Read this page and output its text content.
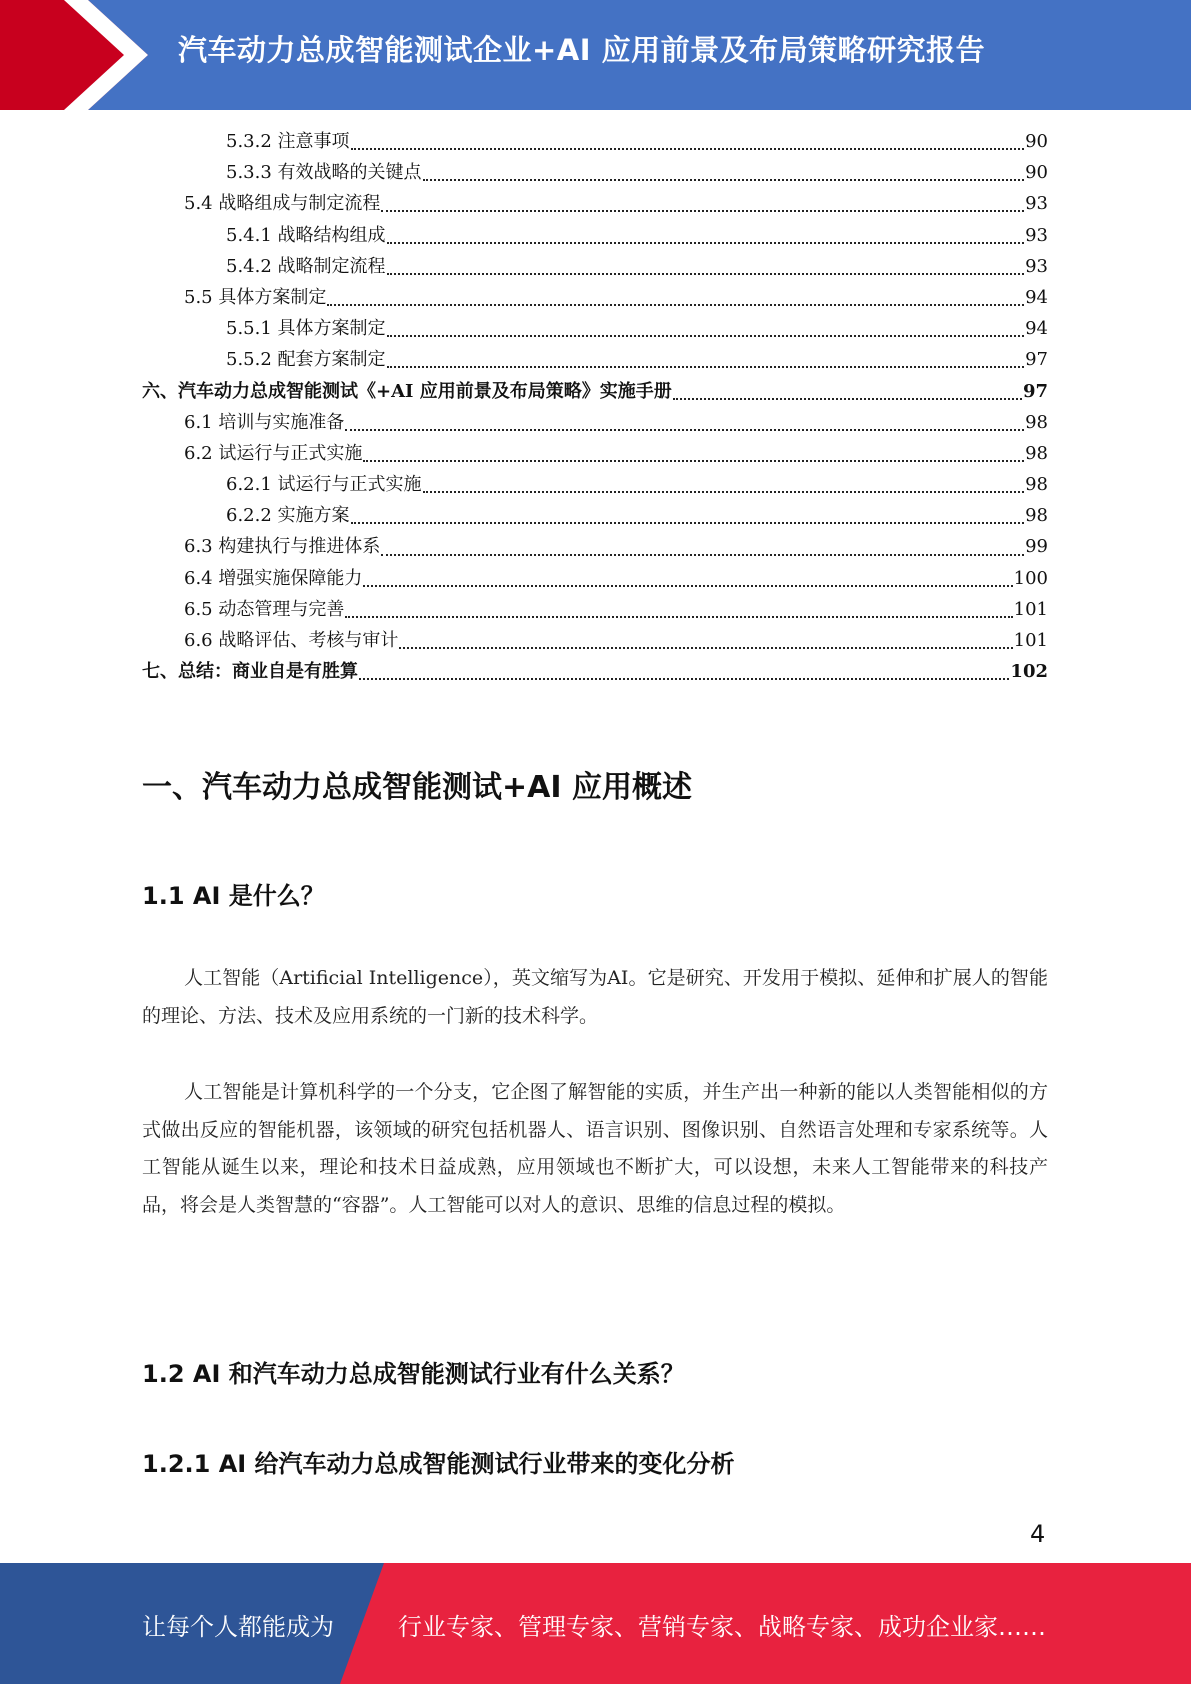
汽车动力总成智能测试企业+AI 应用前景及布局策略研究报告
5.3.2 注意事项	90
5.3.3 有效战略的关键点	90
5.4 战略组成与制定流程	93
5.4.1 战略结构组成	93
5.4.2 战略制定流程	93
5.5 具体方案制定	94
5.5.1 具体方案制定	94
5.5.2 配套方案制定	97
六、汽车动力总成智能测试《+AI 应用前景及布局策略》实施手册	97
6.1 培训与实施准备	98
6.2 试运行与正式实施	98
6.2.1 试运行与正式实施	98
6.2.2 实施方案	98
6.3 构建执行与推进体系	99
6.4 增强实施保障能力	100
6.5 动态管理与完善	101
6.6 战略评估、考核与审计	101
七、总结：商业自是有胜算	102
一、汽车动力总成智能测试+AI 应用概述
1.1 AI 是什么？
人工智能（Artificial Intelligence），英文缩写为AI。它是研究、开发用于模拟、延伸和扩展人的智能的理论、方法、技术及应用系统的一门新的技术科学。
人工智能是计算机科学的一个分支，它企图了解智能的实质，并生产出一种新的能以人类智能相似的方式做出反应的智能机器，该领域的研究包括机器人、语言识别、图像识别、自然语言处理和专家系统等。人工智能从诞生以来，理论和技术日益成熟，应用领域也不断扩大，可以设想，未来人工智能带来的科技产品，将会是人类智慧的“容器”。人工智能可以对人的意识、思维的信息过程的模拟。
1.2 AI 和汽车动力总成智能测试行业有什么关系？
1.2.1 AI 给汽车动力总成智能测试行业带来的变化分析
4
让每个人都能成为	行业专家、管理专家、营销专家、战略专家、成功企业家……
